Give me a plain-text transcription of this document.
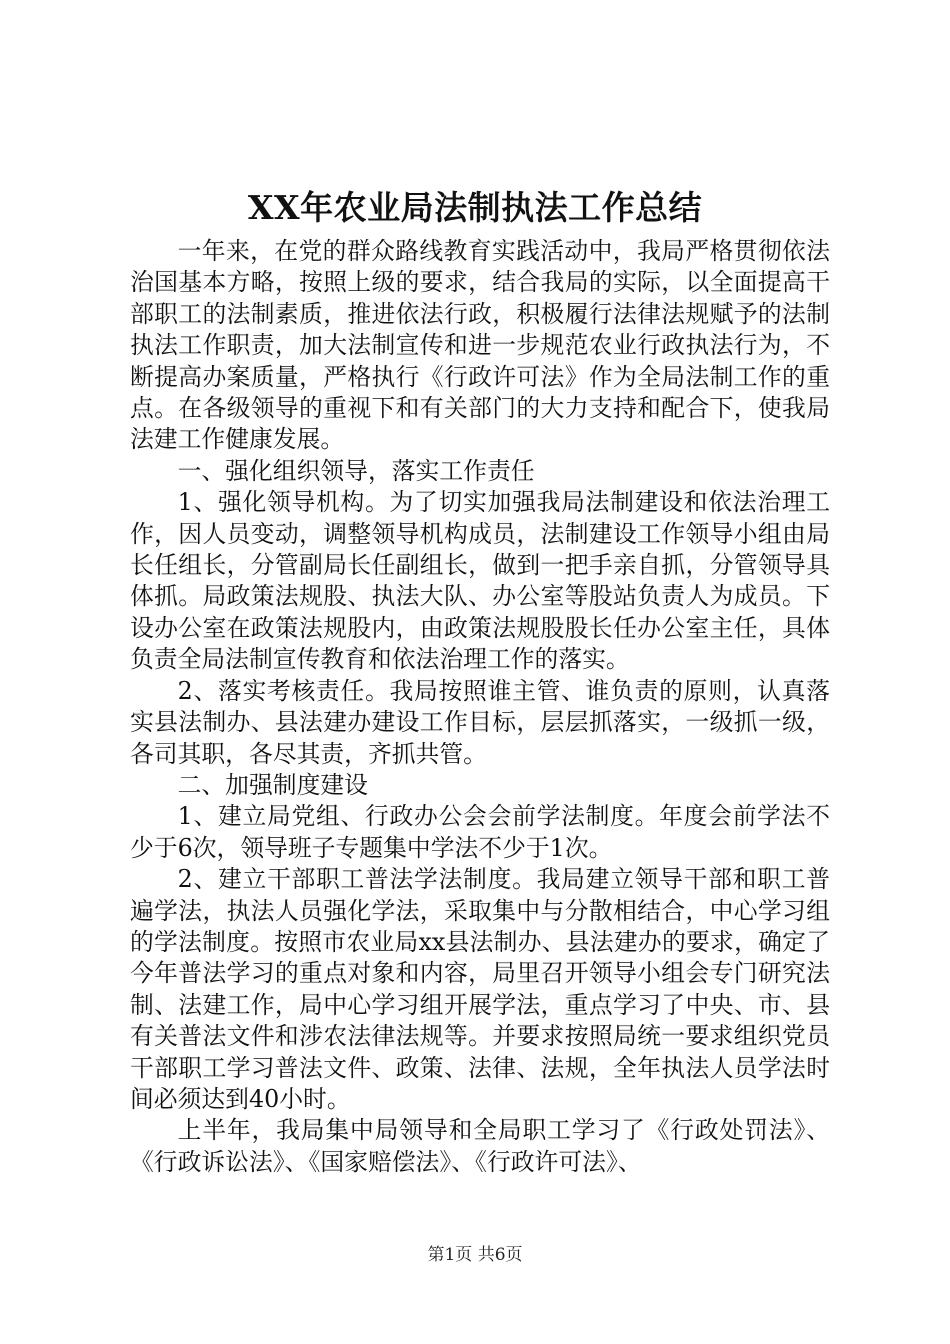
XX年农业局法制执法工作总结

一年来，在党的群众路线教育实践活动中，我局严格贯彻依法治国基本方略，按照上级的要求，结合我局的实际，以全面提高干部职工的法制素质，推进依法行政，积极履行法律法规赋予的法制执法工作职责，加大法制宣传和进一步规范农业行政执法行为，不断提高办案质量，严格执行《行政许可法》作为全局法制工作的重点。在各级领导的重视下和有关部门的大力支持和配合下，使我局法建工作健康发展。

一、强化组织领导，落实工作责任

1、强化领导机构。为了切实加强我局法制建设和依法治理工作，因人员变动，调整领导机构成员，法制建设工作领导小组由局长任组长，分管副局长任副组长，做到一把手亲自抓，分管领导具体抓。局政策法规股、执法大队、办公室等股站负责人为成员。下设办公室在政策法规股内，由政策法规股股长任办公室主任，具体负责全局法制宣传教育和依法治理工作的落实。

2、落实考核责任。我局按照谁主管、谁负责的原则，认真落实县法制办、县法建办建设工作目标，层层抓落实，一级抓一级，各司其职，各尽其责，齐抓共管。

二、加强制度建设

1、建立局党组、行政办公会会前学法制度。年度会前学法不少于6次，领导班子专题集中学法不少于1次。

2、建立干部职工普法学法制度。我局建立领导干部和职工普遍学法，执法人员强化学法，采取集中与分散相结合，中心学习组的学法制度。按照市农业局xx县法制办、县法建办的要求，确定了今年普法学习的重点对象和内容，局里召开领导小组会专门研究法制、法建工作，局中心学习组开展学法，重点学习了中央、市、县有关普法文件和涉农法律法规等。并要求按照局统一要求组织党员干部职工学习普法文件、政策、法律、法规，全年执法人员学法时间必须达到40小时。

上半年，我局集中局领导和全局职工学习了《行政处罚法》、《行政诉讼法》、《国家赔偿法》、《行政许可法》、

第1页 共6页
